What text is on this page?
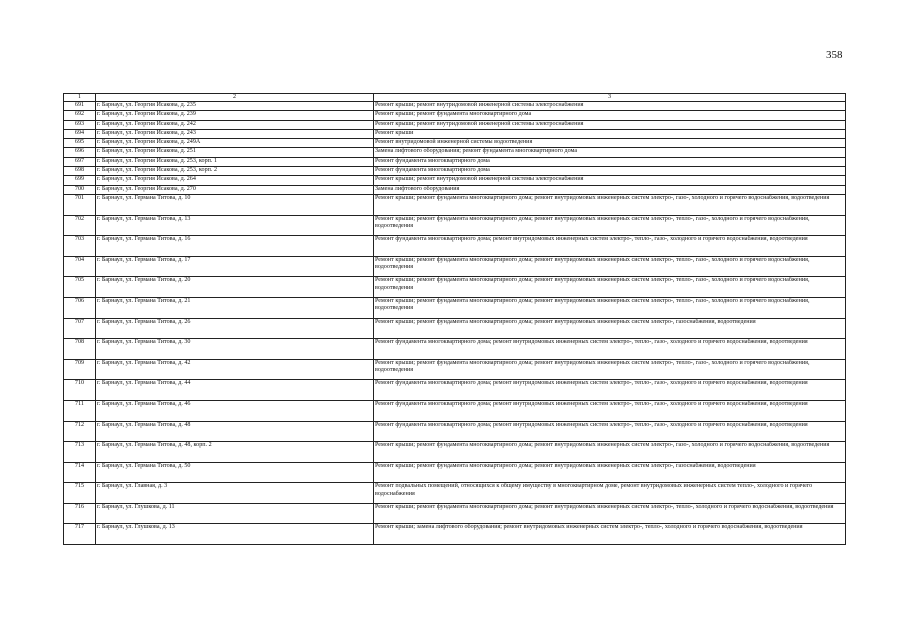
358
1	2	3
691	г. Барнаул, ул. Георгия Исакова, д. 235	Ремонт крыши; ремонт внутридомовой инженерной системы электроснабжения
692	г. Барнаул, ул. Георгия Исакова, д. 239	Ремонт крыши; ремонт фундамента многоквартирного дома
693	г. Барнаул, ул. Георгия Исакова, д. 242	Ремонт крыши; ремонт внутридомовой инженерной системы электроснабжения
694	г. Барнаул, ул. Георгия Исакова, д. 243	Ремонт крыши
695	г. Барнаул, ул. Георгия Исакова, д. 249А	Ремонт внутридомовой инженерной системы водоотведения
696	г. Барнаул, ул. Георгия Исакова, д. 251	Замена лифтового оборудования; ремонт фундамента многоквартирного дома
697	г. Барнаул, ул. Георгия Исакова, д. 253, корп. 1	Ремонт фундамента многоквартирного дома
698	г. Барнаул, ул. Георгия Исакова, д. 253, корп. 2	Ремонт фундамента многоквартирного дома
699	г. Барнаул, ул. Георгия Исакова, д. 264	Ремонт крыши; ремонт внутридомовой инженерной системы электроснабжения
700	г. Барнаул, ул. Георгия Исакова, д. 270	Замена лифтового оборудования
701	г. Барнаул, ул. Германа Титова, д. 10	Ремонт крыши; ремонт фундамента многоквартирного дома; ремонт внутридомовых инженерных систем электро-, газо-, холодного и горячего водоснабжения, водоотведения
702	г. Барнаул, ул. Германа Титова, д. 13	Ремонт крыши; ремонт фундамента многоквартирного дома; ремонт внутридомовых инженерных систем электро-, тепло-, газо-, холодного и горячего водоснабжения, водоотведения
703	г. Барнаул, ул. Германа Титова, д. 16	Ремонт фундамента многоквартирного дома; ремонт внутридомовых инженерных систем электро-, тепло-, газо-, холодного и горячего водоснабжения, водоотведения
704	г. Барнаул, ул. Германа Титова, д. 17	Ремонт крыши; ремонт фундамента многоквартирного дома; ремонт внутридомовых инженерных систем электро-, тепло-, газо-, холодного и горячего водоснабжения, водоотведения
705	г. Барнаул, ул. Германа Титова, д. 20	Ремонт крыши; ремонт фундамента многоквартирного дома; ремонт внутридомовых инженерных систем электро-, тепло-, газо-, холодного и горячего водоснабжения, водоотведения
706	г. Барнаул, ул. Германа Титова, д. 21	Ремонт крыши; ремонт фундамента многоквартирного дома; ремонт внутридомовых инженерных систем электро-, тепло-, газо-, холодного и горячего водоснабжения, водоотведения
707	г. Барнаул, ул. Германа Титова, д. 26	Ремонт крыши; ремонт фундамента многоквартирного дома; ремонт внутридомовых инженерных систем электро-, газоснабжения, водоотведения
708	г. Барнаул, ул. Германа Титова, д. 30	Ремонт фундамента многоквартирного дома; ремонт внутридомовых инженерных систем электро-, тепло-, газо-, холодного и горячего водоснабжения, водоотведения
709	г. Барнаул, ул. Германа Титова, д. 42	Ремонт крыши; ремонт фундамента многоквартирного дома; ремонт внутридомовых инженерных систем электро-, тепло-, газо-, холодного и горячего водоснабжения, водоотведения
710	г. Барнаул, ул. Германа Титова, д. 44	Ремонт фундамента многоквартирного дома; ремонт внутридомовых инженерных систем электро-, тепло-, газо-, холодного и горячего водоснабжения, водоотведения
711	г. Барнаул, ул. Германа Титова, д. 46	Ремонт фундамента многоквартирного дома; ремонт внутридомовых инженерных систем электро-, тепло-, газо-, холодного и горячего водоснабжения, водоотведения
712	г. Барнаул, ул. Германа Титова, д. 48	Ремонт фундамента многоквартирного дома; ремонт внутридомовых инженерных систем электро-, тепло-, газо-, холодного и горячего водоснабжения, водоотведения
713	г. Барнаул, ул. Германа Титова, д. 48, корп. 2	Ремонт крыши; ремонт фундамента многоквартирного дома; ремонт внутридомовых инженерных систем электро-, газо-, холодного и горячего водоснабжения, водоотведения
714	г. Барнаул, ул. Германа Титова, д. 50	Ремонт крыши; ремонт фундамента многоквартирного дома; ремонт внутридомовых инженерных систем электро-, газоснабжения, водоотведения
715	г. Барнаул, ул. Главная, д. 3	Ремонт подвальных помещений, относящихся к общему имуществу в многоквартирном доме, ремонт внутридомовых инженерных систем тепло-, холодного и горячего водоснабжения
716	г. Барнаул, ул. Глушкова, д. 11	Ремонт крыши; ремонт фундамента многоквартирного дома; ремонт внутридомовых инженерных систем электро-, тепло-, холодного и горячего водоснабжения, водоотведения
717	г. Барнаул, ул. Глушкова, д. 13	Ремонт крыши; замена лифтового оборудования; ремонт внутридомовых инженерных систем электро-, тепло-, холодного и горячего водоснабжения, водоотведения
